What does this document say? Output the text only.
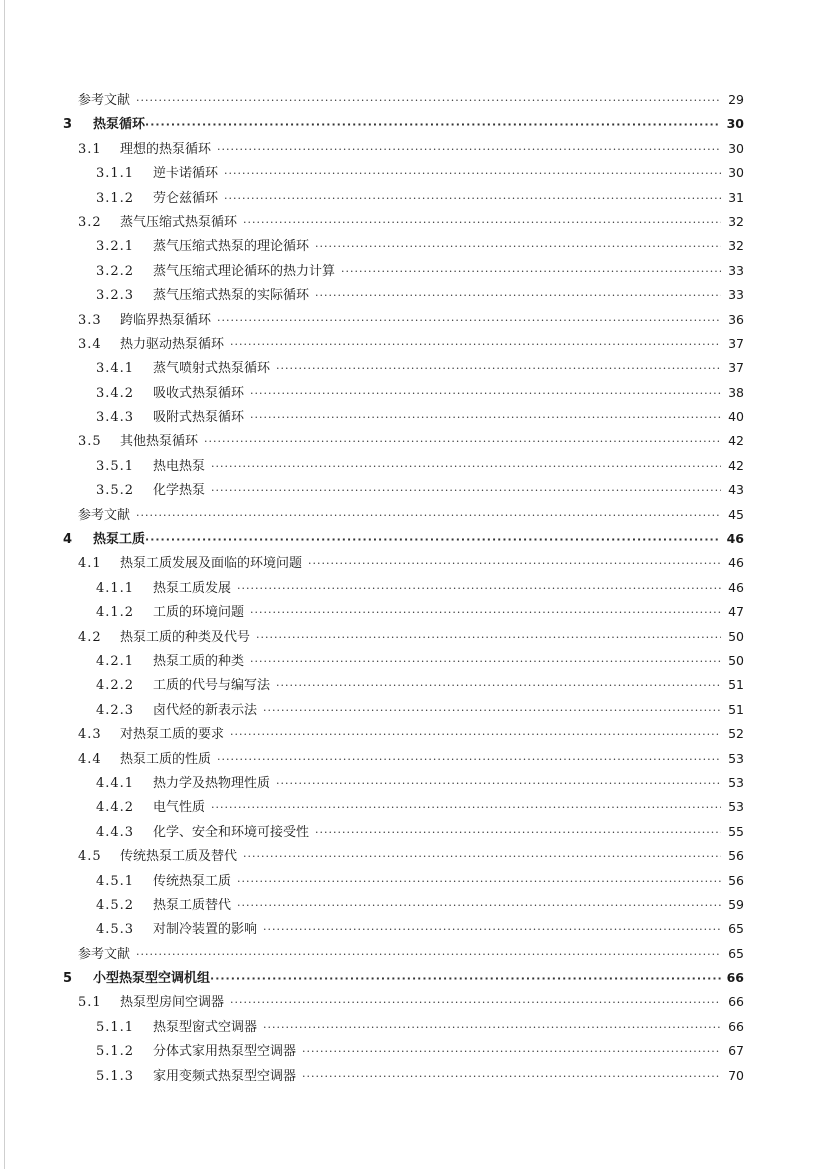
参考文献 ·····	29
3	热泵循环 ·····	30
3.1	理想的热泵循环 ·····	30
3.1.1	逆卡诺循环 ·····	30
3.1.2	劳仑兹循环 ·····	31
3.2	蒸气压缩式热泵循环 ·····	32
3.2.1	蒸气压缩式热泵的理论循环 ·····	32
3.2.2	蒸气压缩式理论循环的热力计算 ·····	33
3.2.3	蒸气压缩式热泵的实际循环 ·····	33
3.3	跨临界热泵循环 ·····	36
3.4	热力驱动热泵循环 ·····	37
3.4.1	蒸气喷射式热泵循环 ·····	37
3.4.2	吸收式热泵循环 ·····	38
3.4.3	吸附式热泵循环 ·····	40
3.5	其他热泵循环 ·····	42
3.5.1	热电热泵 ·····	42
3.5.2	化学热泵 ·····	43
参考文献 ·····	45
4	热泵工质 ·····	46
4.1	热泵工质发展及面临的环境问题 ·····	46
4.1.1	热泵工质发展 ·····	46
4.1.2	工质的环境问题 ·····	47
4.2	热泵工质的种类及代号 ·····	50
4.2.1	热泵工质的种类 ·····	50
4.2.2	工质的代号与编写法 ·····	51
4.2.3	卤代烃的新表示法 ·····	51
4.3	对热泵工质的要求 ·····	52
4.4	热泵工质的性质 ·····	53
4.4.1	热力学及热物理性质 ·····	53
4.4.2	电气性质 ·····	53
4.4.3	化学、安全和环境可接受性 ·····	55
4.5	传统热泵工质及替代 ·····	56
4.5.1	传统热泵工质 ·····	56
4.5.2	热泵工质替代 ·····	59
4.5.3	对制冷装置的影响 ·····	65
参考文献 ·····	65
5	小型热泵型空调机组 ·····	66
5.1	热泵型房间空调器 ·····	66
5.1.1	热泵型窗式空调器 ·····	66
5.1.2	分体式家用热泵型空调器 ·····	67
5.1.3	家用变频式热泵型空调器 ·····	70
